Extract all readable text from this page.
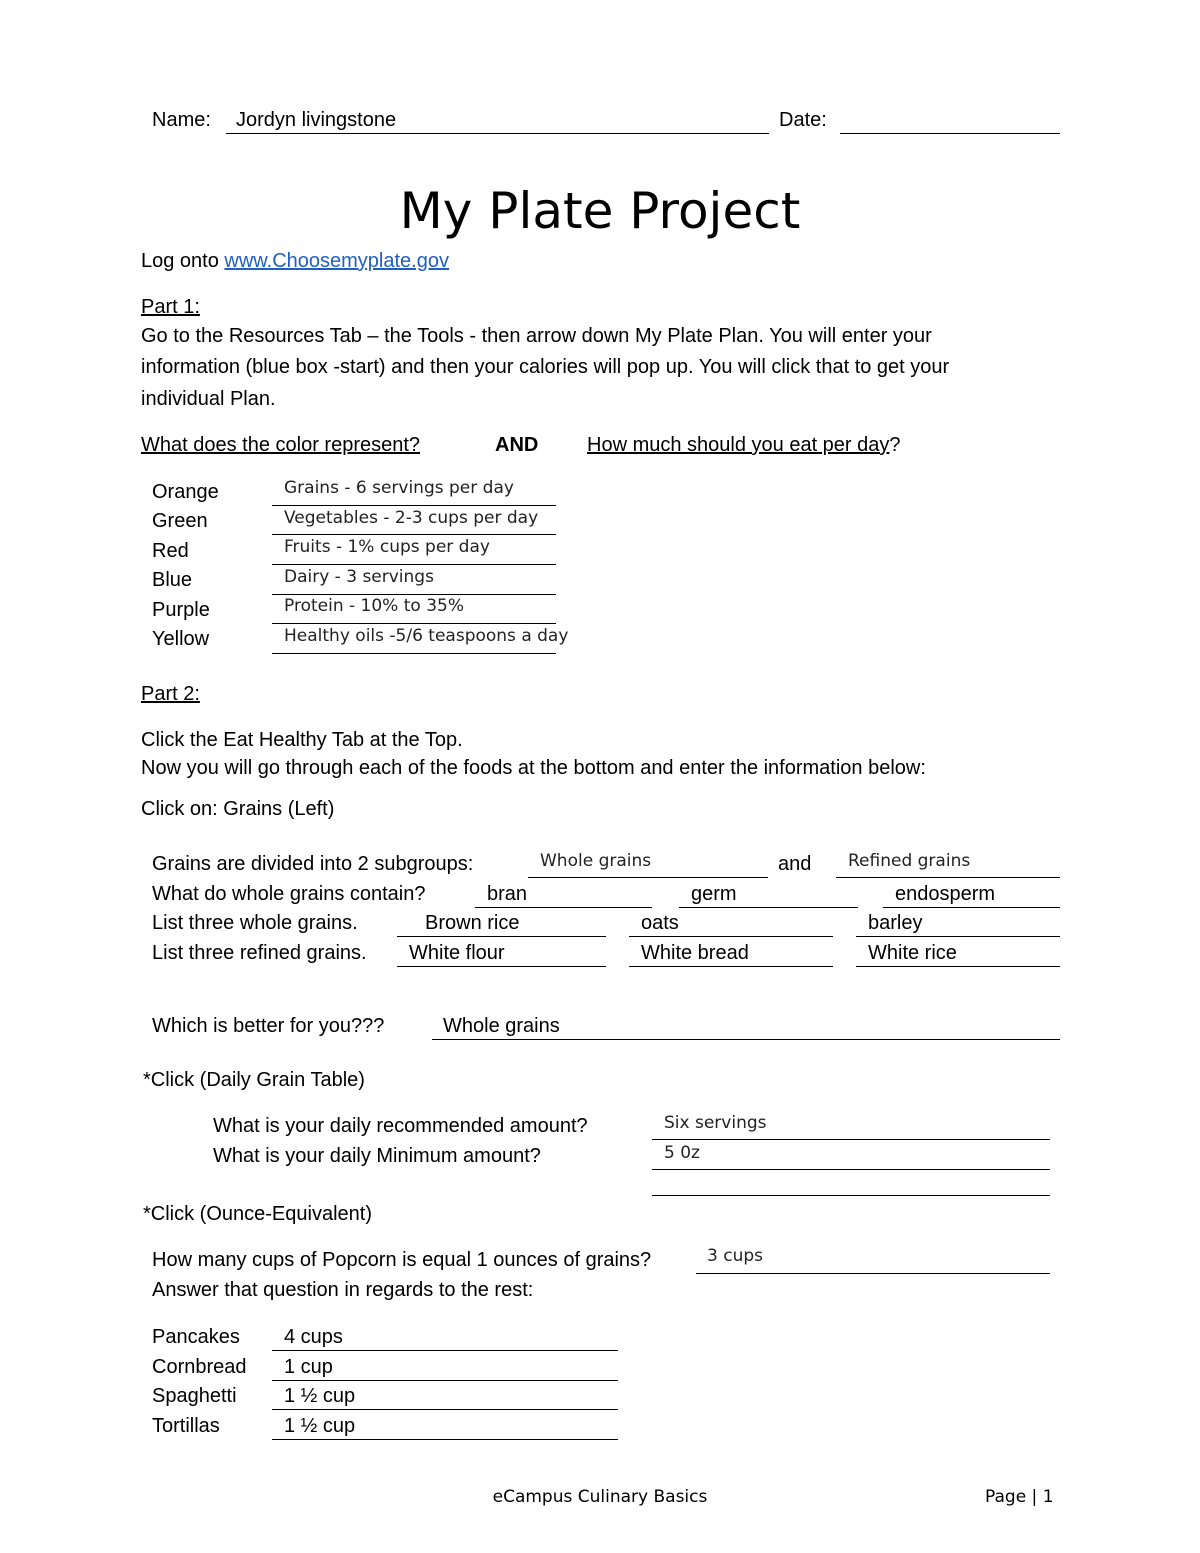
Name: Jordyn livingstone	Date:
My Plate Project
Log onto www.Choosemyplate.gov
Part 1:
Go to the Resources Tab – the Tools - then arrow down My Plate Plan. You will enter your
information (blue box -start) and then your calories will pop up. You will click that to get your
individual Plan.
What does the color represent?	AND How much should you eat per day?
Orange	Grains - 6 servings per day
Green	Vegetables - 2-3 cups per day
Red	Fruits - 1% cups per day
Blue	Dairy - 3 servings
Purple	Protein - 10% to 35%
Yellow	Healthy oils -5/6 teaspoons a day
Part 2:
Click the Eat Healthy Tab at the Top.
Now you will go through each of the foods at the bottom and enter the information below:
Click on: Grains (Left)
Grains are divided into 2 subgroups:	Whole grains	and Refined grains
What do whole grains contain?	bran	germ	endosperm
List three whole grains.	Brown rice	oats	barley
List three refined grains. White flour	White bread	White rice
Which is better for you???	Whole grains
*Click (Daily Grain Table)
What is your daily recommended amount?	Six servings
What is your daily Minimum amount?	5 0z
*Click (Ounce-Equivalent)
How many cups of Popcorn is equal 1 ounces of grains?	3 cups
Answer that question in regards to the rest:
Pancakes 4 cups
Cornbread 1 cup
Spaghetti 1 ½ cup
Tortillas	1 ½ cup
eCampus Culinary Basics	Page | 1
